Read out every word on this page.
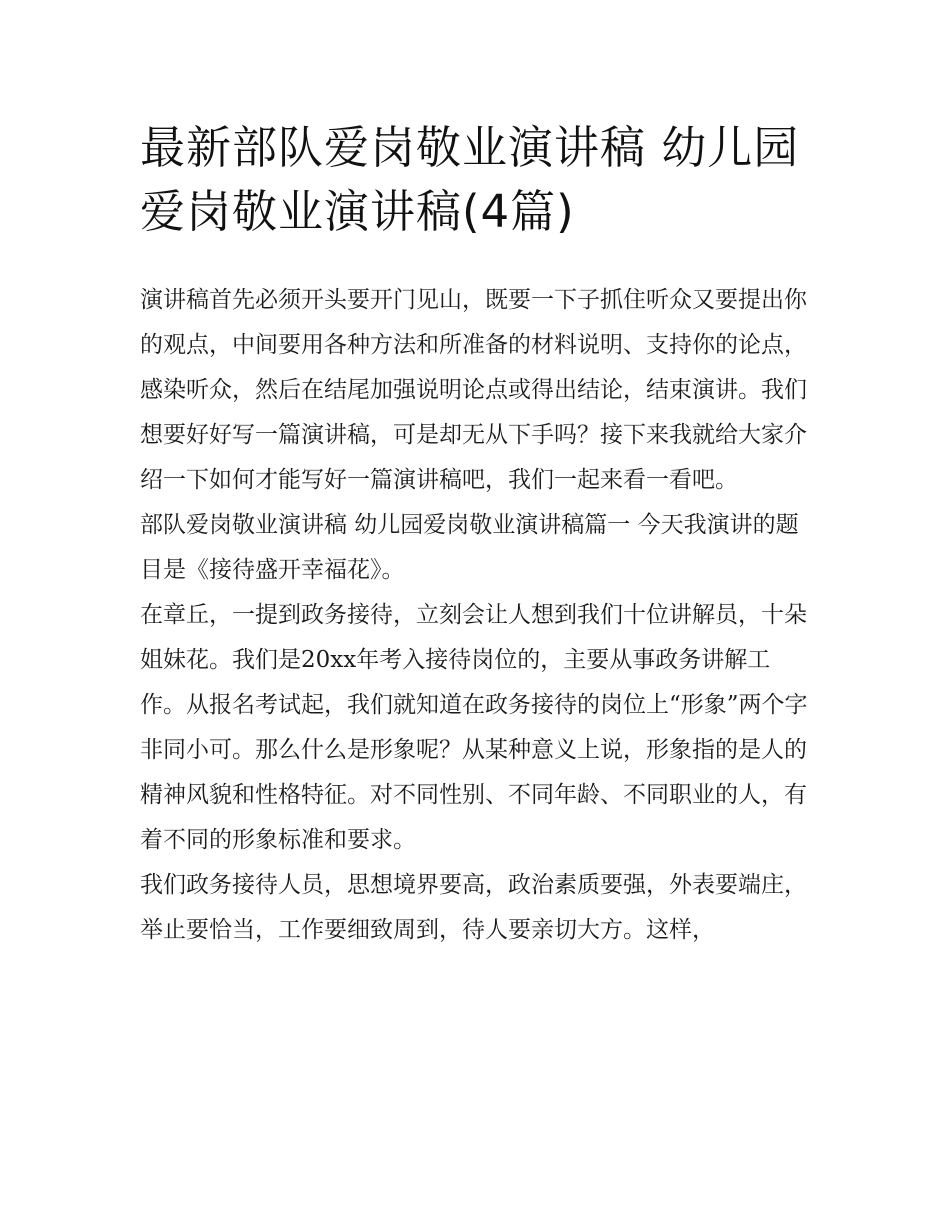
最新部队爱岗敬业演讲稿 幼儿园爱岗敬业演讲稿(4篇)

演讲稿首先必须开头要开门见山，既要一下子抓住听众又要提出你的观点，中间要用各种方法和所准备的材料说明、支持你的论点，感染听众，然后在结尾加强说明论点或得出结论，结束演讲。我们想要好好写一篇演讲稿，可是却无从下手吗？接下来我就给大家介绍一下如何才能写好一篇演讲稿吧，我们一起来看一看吧。

部队爱岗敬业演讲稿 幼儿园爱岗敬业演讲稿篇一 今天我演讲的题目是《接待盛开幸福花》。

在章丘，一提到政务接待，立刻会让人想到我们十位讲解员，十朵姐妹花。我们是20xx年考入接待岗位的，主要从事政务讲解工作。从报名考试起，我们就知道在政务接待的岗位上“形象”两个字非同小可。那么什么是形象呢？从某种意义上说，形象指的是人的精神风貌和性格特征。对不同性别、不同年龄、不同职业的人，有着不同的形象标准和要求。

我们政务接待人员，思想境界要高，政治素质要强，外表要端庄，举止要恰当，工作要细致周到，待人要亲切大方。这样，
